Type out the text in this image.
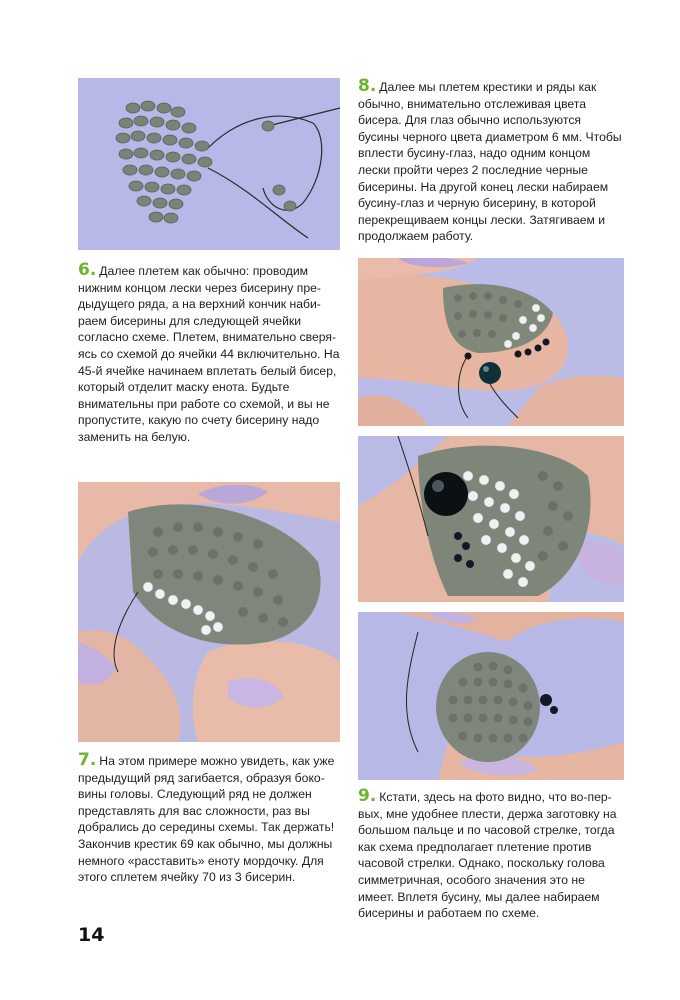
6. Далее плетем как обычно: проводим нижним концом лески через бисерину пре- дыдущего ряда, а на верхний кончик наби- раем бисерины для следующей ячейки согласно схеме. Плетем, внимательно сверя- ясь со схемой до ячейки 44 включительно. На 45-й ячейке начинаем вплетать белый бисер, который отделит маску енота. Будьте внимательны при работе со схемой, и вы не пропустите, какую по счету бисерину надо заменить на белую.

7. На этом примере можно увидеть, как уже предыдущий ряд загибается, образуя боко- вины головы. Следующий ряд не должен представлять для вас сложности, раз вы добрались до середины схемы. Так держать! Закончив крестик 69 как обычно, мы должны немного «расставить» еноту мордочку. Для этого сплетем ячейку 70 из 3 бисерин.

8. Далее мы плетем крестики и ряды как обычно, внимательно отслеживая цвета бисера. Для глаз обычно используются бусины черного цвета диаметром 6 мм. Чтобы вплести бусину-глаз, надо одним концом лески пройти через 2 последние черные бисерины. На другой конец лески набираем бусину-глаз и черную бисерину, в которой перекрещиваем концы лески. Затягиваем и продолжаем работу.

9. Кстати, здесь на фото видно, что во-пер- вых, мне удобнее плести, держа заготовку на большом пальце и по часовой стрелке, тогда как схема предполагает плетение против часовой стрелки. Однако, поскольку голова симметричная, особого значения это не имеет. Вплетя бусину, мы далее набираем бисерины и работаем по схеме.

14
